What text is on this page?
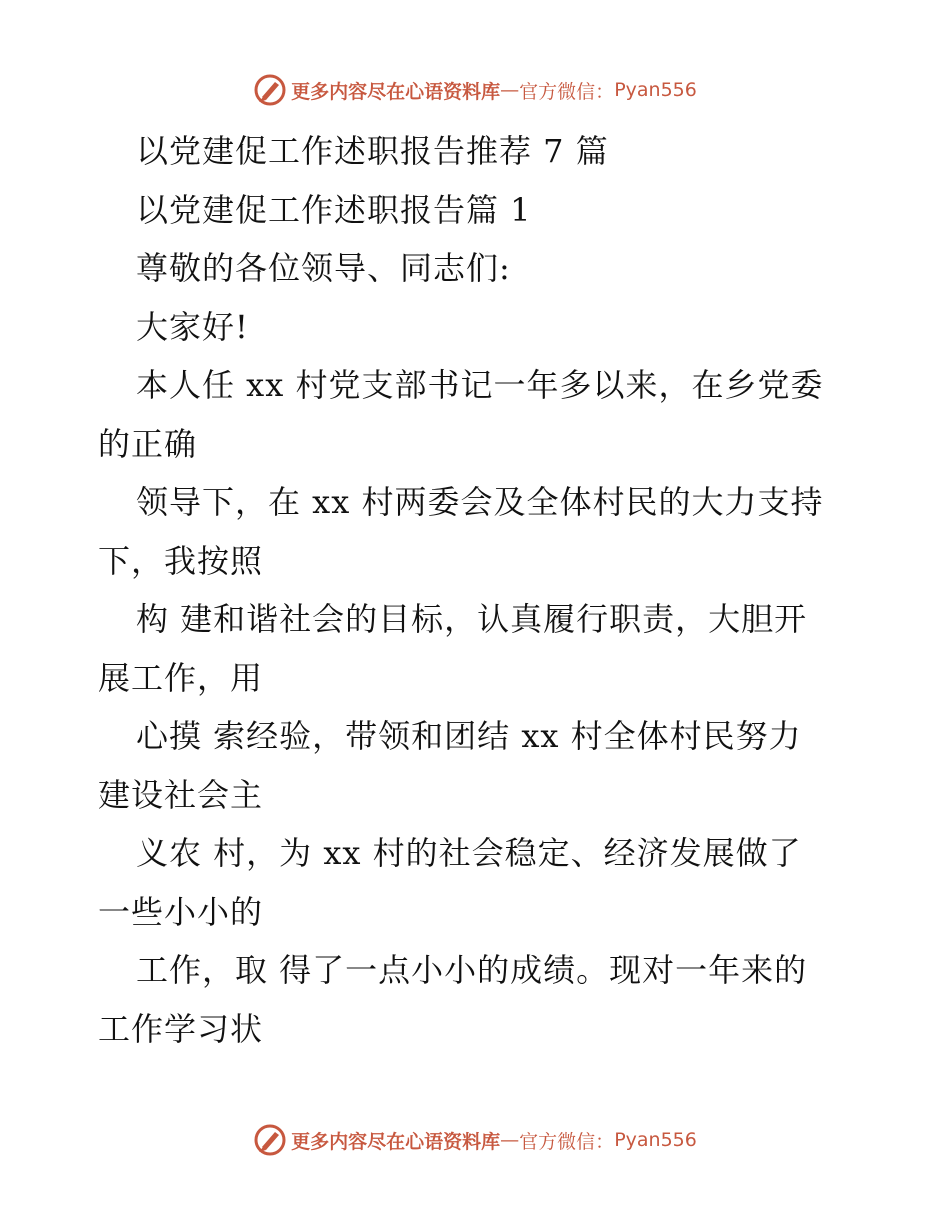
更多内容尽在心语资料库 — 官方微信： Pyan556

以党建促工作述职报告推荐 7 篇

以党建促工作述职报告篇 1

尊敬的各位领导、同志们:

大家好!

本人任 xx 村党支部书记一年多以来，在乡党委

的正确

领导下，在 xx 村两委会及全体村民的大力支持

下，我按照

构 建和谐社会的目标，认真履行职责，大胆开

展工作，用

心摸 索经验，带领和团结 xx 村全体村民努力

建设社会主

义农 村，为 xx 村的社会稳定、经济发展做了

一些小小的

工作，取 得了一点小小的成绩。现对一年来的

工作学习状

更多内容尽在心语资料库 — 官方微信： Pyan556
